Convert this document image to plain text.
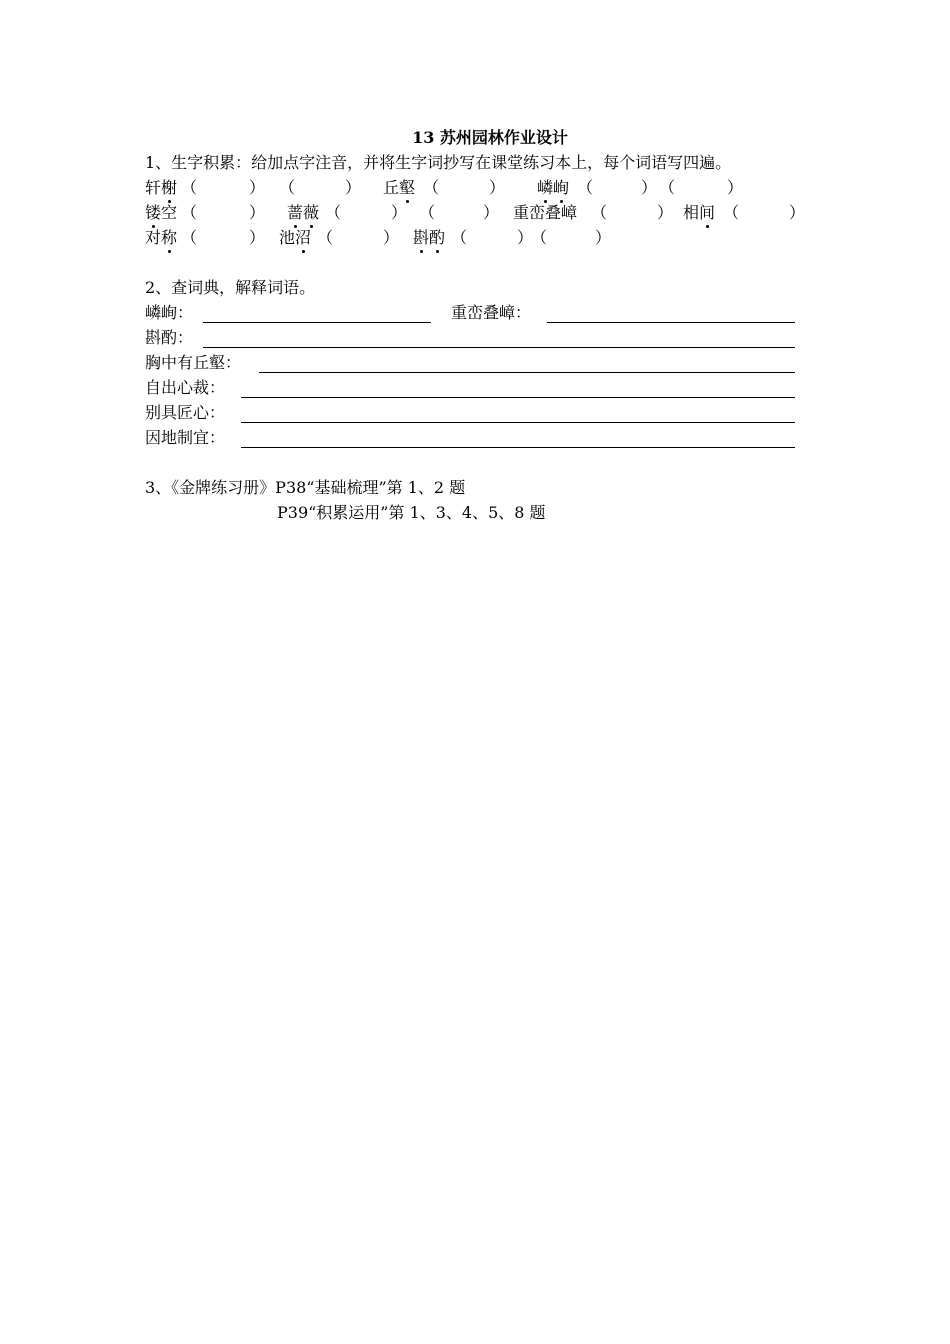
13 苏州园林作业设计
1、生字积累：给加点字注音，并将生字词抄写在课堂练习本上，每个词语写四遍。
轩榭 （	） （	） 丘壑 （	） 嶙峋 （	） （	）
镂空 （	） 蔷薇 （	） （	） 重峦叠嶂 （	） 相间 （	）
对称 （	） 池沼 （	） 斟酌 （	）
（	）
2、查词典，解释词语。
嶙峋：	重峦叠嶂：
斟酌：
胸中有丘壑：
自出心裁：
别具匠心：
因地制宜：
3、《金牌练习册》P38“基础梳理”第 1、2 题
P39“积累运用”第 1、3、4、5、8 题
